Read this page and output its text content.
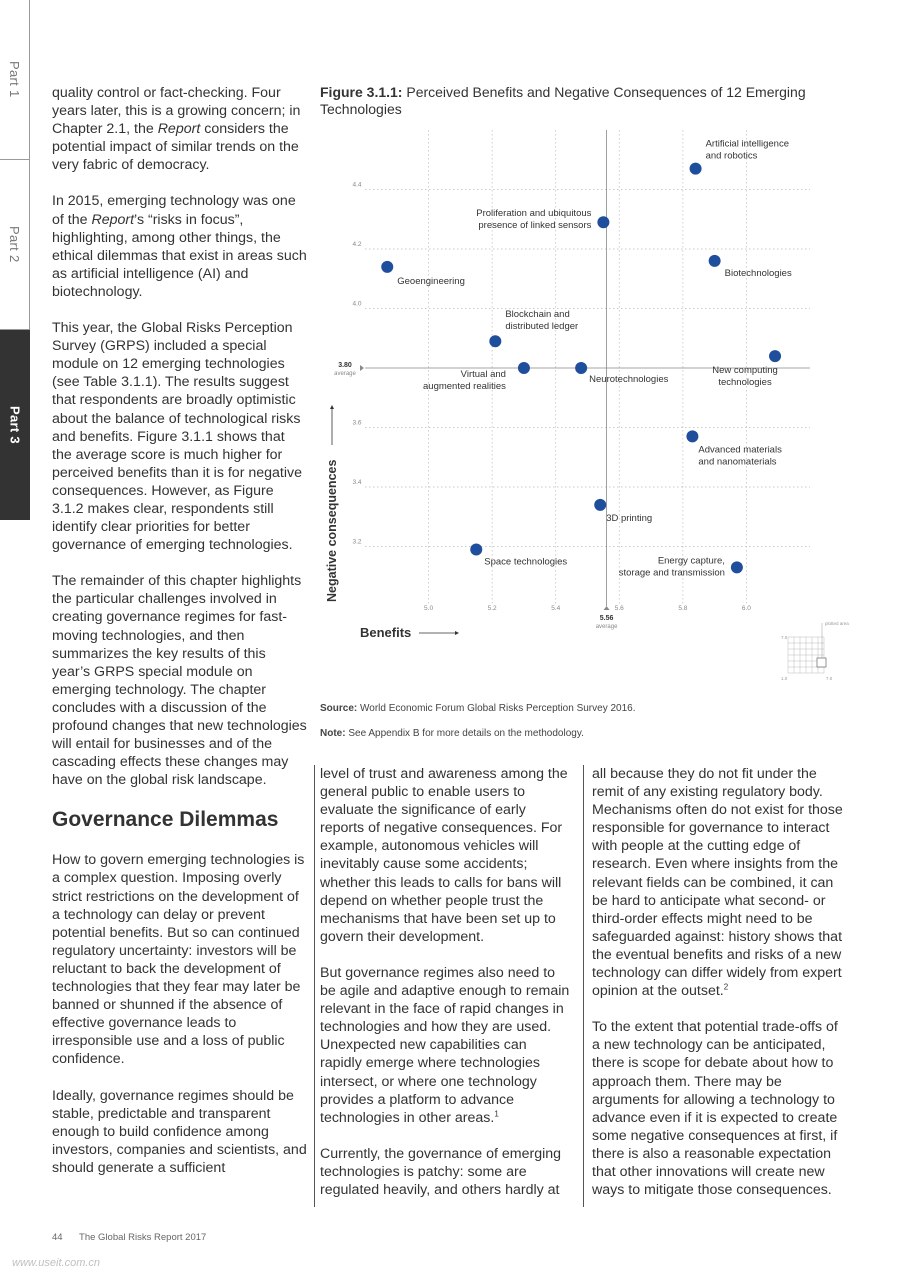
Part 1
Part 2
Part 3

quality control or fact-checking. Four years later, this is a growing concern; in Chapter 2.1, the Report considers the potential impact of similar trends on the very fabric of democracy.

In 2015, emerging technology was one of the Report’s “risks in focus”, highlighting, among other things, the ethical dilemmas that exist in areas such as artificial intelligence (AI) and biotechnology.

This year, the Global Risks Perception Survey (GRPS) included a special module on 12 emerging technologies (see Table 3.1.1). The results suggest that respondents are broadly optimistic about the balance of technological risks and benefits. Figure 3.1.1 shows that the average score is much higher for perceived benefits than it is for negative consequences. However, as Figure 3.1.2 makes clear, respondents still identify clear priorities for better governance of emerging technologies.

The remainder of this chapter highlights the particular challenges involved in creating governance regimes for fast-moving technologies, and then summarizes the key results of this year’s GRPS special module on emerging technology. The chapter concludes with a discussion of the profound changes that new technologies will entail for businesses and of the cascading effects these changes may have on the global risk landscape.

Governance Dilemmas

How to govern emerging technologies is a complex question. Imposing overly strict restrictions on the development of a technology can delay or prevent potential benefits. But so can continued regulatory uncertainty: investors will be reluctant to back the development of technologies that they fear may later be banned or shunned if the absence of effective governance leads to irresponsible use and a loss of public confidence.

Ideally, governance regimes should be stable, predictable and transparent enough to build confidence among investors, companies and scientists, and should generate a sufficient

Figure 3.1.1: Perceived Benefits and Negative Consequences of 12 Emerging Technologies
5.0	5.2	5.4	5.6	5.8	6.0
3.2
3.4
3.6
4.0
4.2
4.4
5.56
average
3.80
average
Benefits
Negative consequences
Artificial intelligence and robotics
Proliferation and ubiquitous presence of linked sensors
Biotechnologies
Geoengineering
Blockchain and distributed ledger
Virtual and augmented realities
Neurotechnologies
New computing technologies
Advanced materials and nanomaterials
3D printing
Space technologies	Energy capture, storage and transmission
plotted area
7.0
1.0	7.0
Source: World Economic Forum Global Risks Perception Survey 2016.
Note: See Appendix B for more details on the methodology.

level of trust and awareness among the general public to enable users to evaluate the significance of early reports of negative consequences. For example, autonomous vehicles will inevitably cause some accidents; whether this leads to calls for bans will depend on whether people trust the mechanisms that have been set up to govern their development.

But governance regimes also need to be agile and adaptive enough to remain relevant in the face of rapid changes in technologies and how they are used. Unexpected new capabilities can rapidly emerge where technologies intersect, or where one technology provides a platform to advance technologies in other areas.$^1$

Currently, the governance of emerging technologies is patchy: some are regulated heavily, and others hardly at

all because they do not fit under the remit of any existing regulatory body. Mechanisms often do not exist for those responsible for governance to interact with people at the cutting edge of research. Even where insights from the relevant fields can be combined, it can be hard to anticipate what second- or third-order effects might need to be safeguarded against: history shows that the eventual benefits and risks of a new technology can differ widely from expert opinion at the outset.$^2$

To the extent that potential trade-offs of a new technology can be anticipated, there is scope for debate about how to approach them. There may be arguments for allowing a technology to advance even if it is expected to create some negative consequences at first, if there is also a reasonable expectation that other innovations will create new ways to mitigate those consequences.

44 The Global Risks Report 2017
www.useit.com.cn
